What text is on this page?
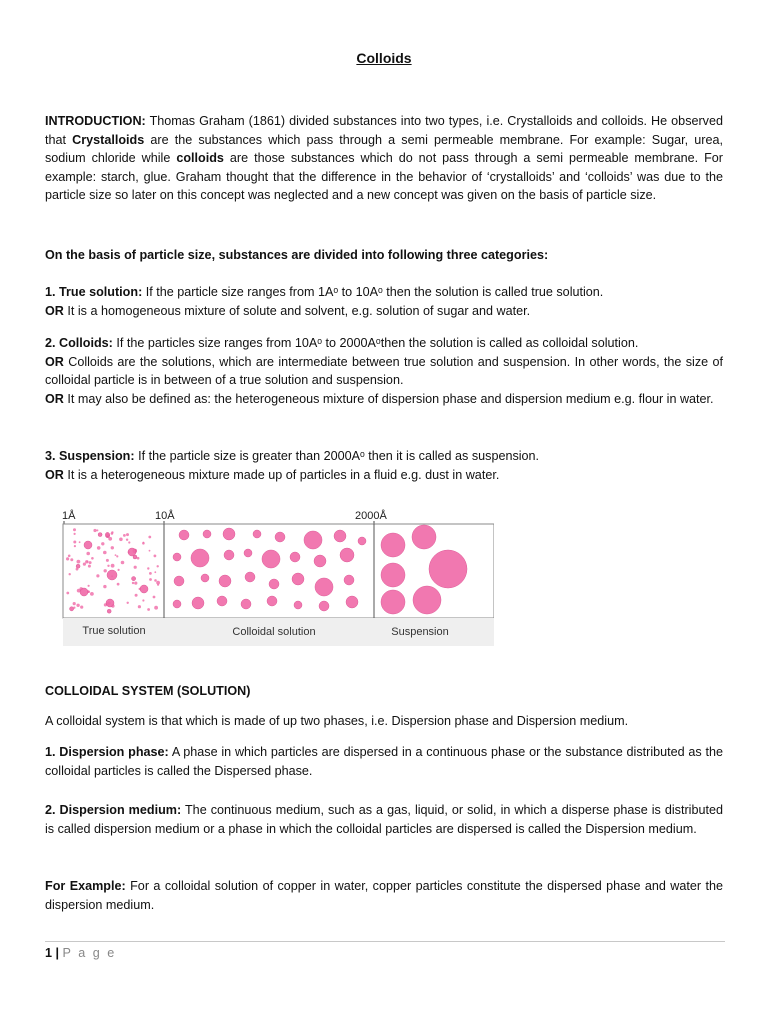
Colloids

INTRODUCTION: Thomas Graham (1861) divided substances into two types, i.e. Crystalloids and colloids. He observed that Crystalloids are the substances which pass through a semi permeable membrane. For example: Sugar, urea, sodium chloride while colloids are those substances which do not pass through a semi permeable membrane. For example: starch, glue. Graham thought that the difference in the behavior of ‘crystalloids’ and ‘colloids’ was due to the particle size so later on this concept was neglected and a new concept was given on the basis of particle size.

On the basis of particle size, substances are divided into following three categories:

1. True solution: If the particle size ranges from 1Aᵒ to 10Aᵒ then the solution is called true solution.
OR It is a homogeneous mixture of solute and solvent, e.g. solution of sugar and water.

2. Colloids: If the particles size ranges from 10Aᵒ to 2000Aᵒthen the solution is called as colloidal solution.
OR Colloids are the solutions, which are intermediate between true solution and suspension. In other words, the size of colloidal particle is in between of a true solution and suspension.
OR It may also be defined as: the heterogeneous mixture of dispersion phase and dispersion medium e.g. flour in water.

3. Suspension: If the particle size is greater than 2000Aᵒ then it is called as suspension.
OR It is a heterogeneous mixture made up of particles in a fluid e.g. dust in water.

1Å	10Å	2000Å
True solution	Colloidal solution	Suspension

COLLOIDAL SYSTEM (SOLUTION)

A colloidal system is that which is made of up two phases, i.e. Dispersion phase and Dispersion medium.

1. Dispersion phase: A phase in which particles are dispersed in a continuous phase or the substance distributed as the colloidal particles is called the Dispersed phase.

2. Dispersion medium: The continuous medium, such as a gas, liquid, or solid, in which a disperse phase is distributed is called dispersion medium or a phase in which the colloidal particles are dispersed is called the Dispersion medium.

For Example: For a colloidal solution of copper in water, copper particles constitute the dispersed phase and water the dispersion medium.

1 | P a g e
